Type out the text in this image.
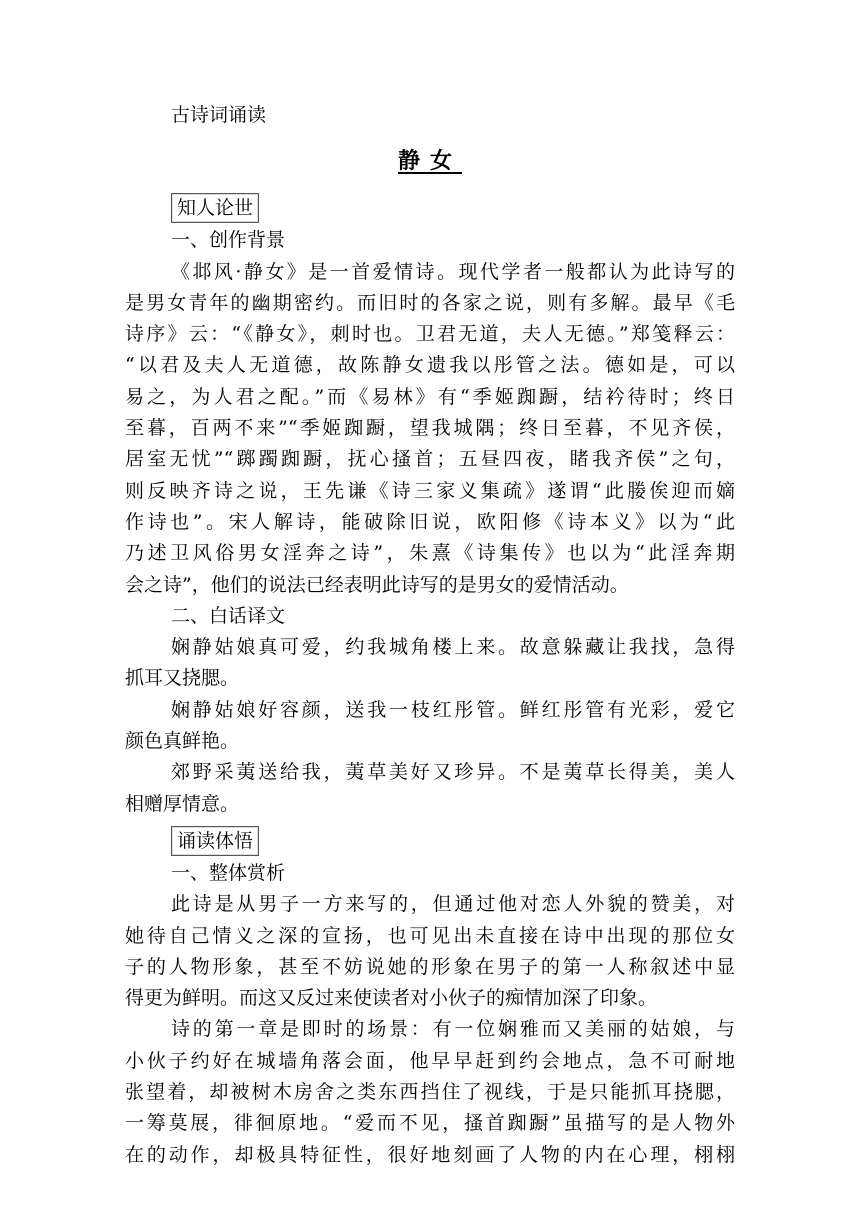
古诗词诵读
静女
知人论世
一、创作背景
《邶风·静女》是一首爱情诗。现代学者一般都认为此诗写的
是男女青年的幽期密约。而旧时的各家之说，则有多解。最早《毛
诗序》云：“《静女》，刺时也。卫君无道，夫人无德。”郑笺释云：
“以君及夫人无道德，故陈静女遗我以彤管之法。德如是，可以
易之，为人君之配。”而《易林》有“季姬踟蹰，结衿待时；终日
至暮，百两不来”“季姬踟蹰，望我城隅；终日至暮，不见齐侯，
居室无忧”“踯躅踟蹰，抚心搔首；五昼四夜，睹我齐侯”之句，
则反映齐诗之说，王先谦《诗三家义集疏》遂谓“此媵俟迎而嫡
作诗也”。宋人解诗，能破除旧说，欧阳修《诗本义》以为“此
乃述卫风俗男女淫奔之诗”，朱熹《诗集传》也以为“此淫奔期
会之诗”，他们的说法已经表明此诗写的是男女的爱情活动。
二、白话译文
娴静姑娘真可爱，约我城角楼上来。故意躲藏让我找，急得
抓耳又挠腮。
娴静姑娘好容颜，送我一枝红彤管。鲜红彤管有光彩，爱它
颜色真鲜艳。
郊野采荑送给我，荑草美好又珍异。不是荑草长得美，美人
相赠厚情意。
诵读体悟
一、整体赏析
此诗是从男子一方来写的，但通过他对恋人外貌的赞美，对
她待自己情义之深的宣扬，也可见出未直接在诗中出现的那位女
子的人物形象，甚至不妨说她的形象在男子的第一人称叙述中显
得更为鲜明。而这又反过来使读者对小伙子的痴情加深了印象。
诗的第一章是即时的场景：有一位娴雅而又美丽的姑娘，与
小伙子约好在城墙角落会面，他早早赶到约会地点，急不可耐地
张望着，却被树木房舍之类东西挡住了视线，于是只能抓耳挠腮，
一筹莫展，徘徊原地。“爱而不见，搔首踟蹰”虽描写的是人物外
在的动作，却极具特征性，很好地刻画了人物的内在心理，栩栩
